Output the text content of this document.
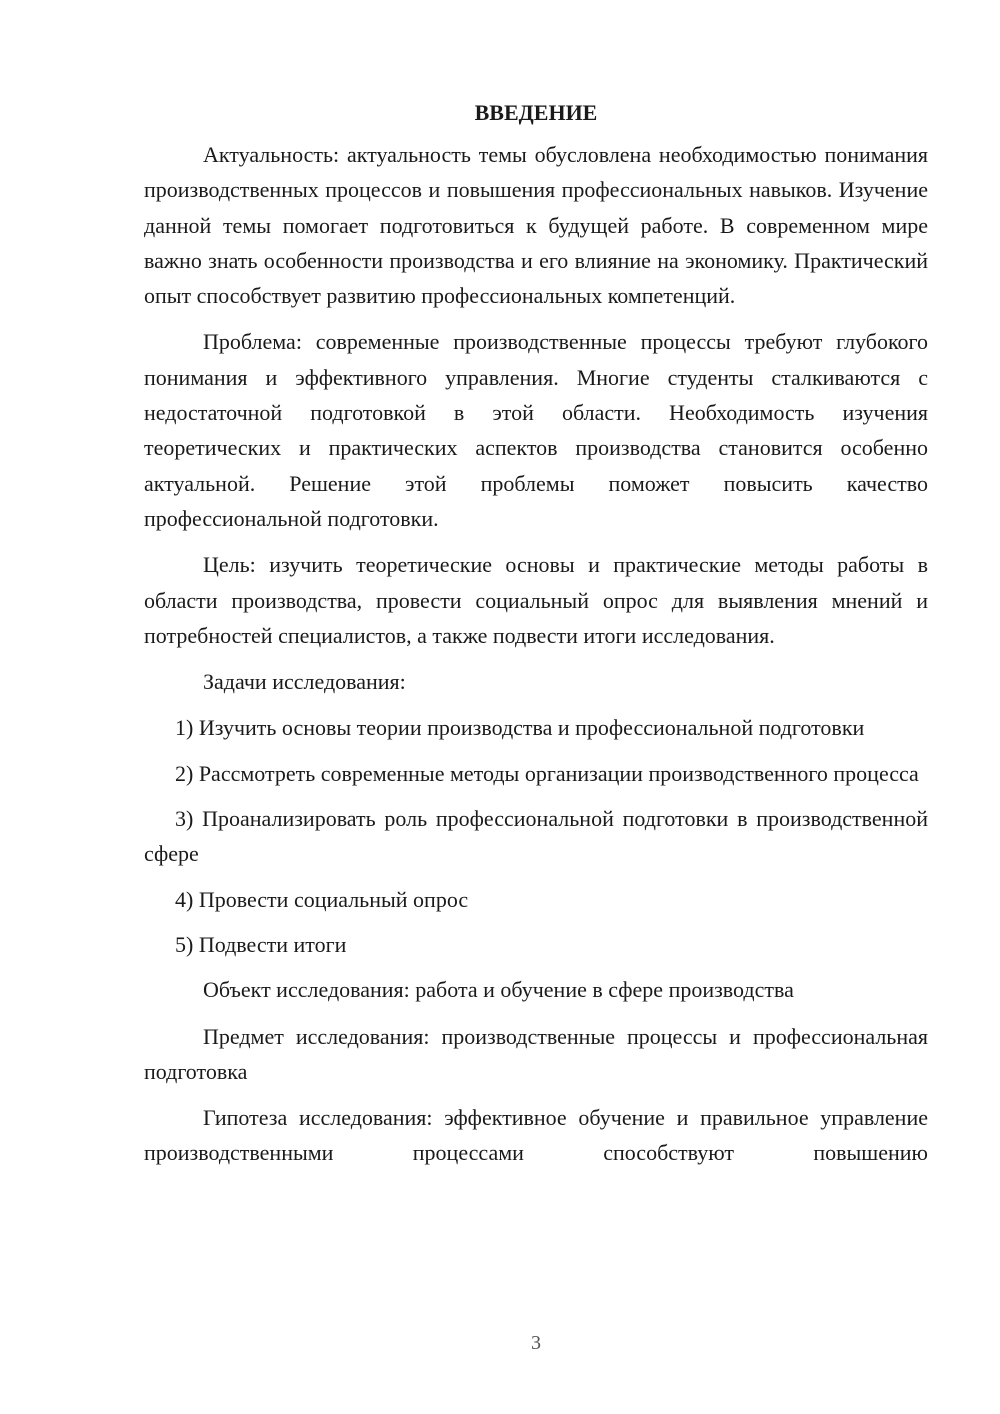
ВВЕДЕНИЕ

Актуальность: актуальность темы обусловлена необходимостью понимания производственных процессов и повышения профессиональных навыков. Изучение данной темы помогает подготовиться к будущей работе. В современном мире важно знать особенности производства и его влияние на экономику. Практический опыт способствует развитию профессиональных компетенций.

Проблема: современные производственные процессы требуют глубокого понимания и эффективного управления. Многие студенты сталкиваются с недостаточной подготовкой в этой области. Необходимость изучения теоретических и практических аспектов производства становится особенно актуальной. Решение этой проблемы поможет повысить качество профессиональной подготовки.

Цель: изучить теоретические основы и практические методы работы в области производства, провести социальный опрос для выявления мнений и потребностей специалистов, а также подвести итоги исследования.

Задачи исследования:

1) Изучить основы теории производства и профессиональной подготовки

2) Рассмотреть современные методы организации производственного процесса

3) Проанализировать роль профессиональной подготовки в производственной сфере

4) Провести социальный опрос

5) Подвести итоги

Объект исследования: работа и обучение в сфере производства

Предмет исследования: производственные процессы и профессиональная подготовка

Гипотеза исследования: эффективное обучение и правильное управление производственными процессами способствуют повышению

3
